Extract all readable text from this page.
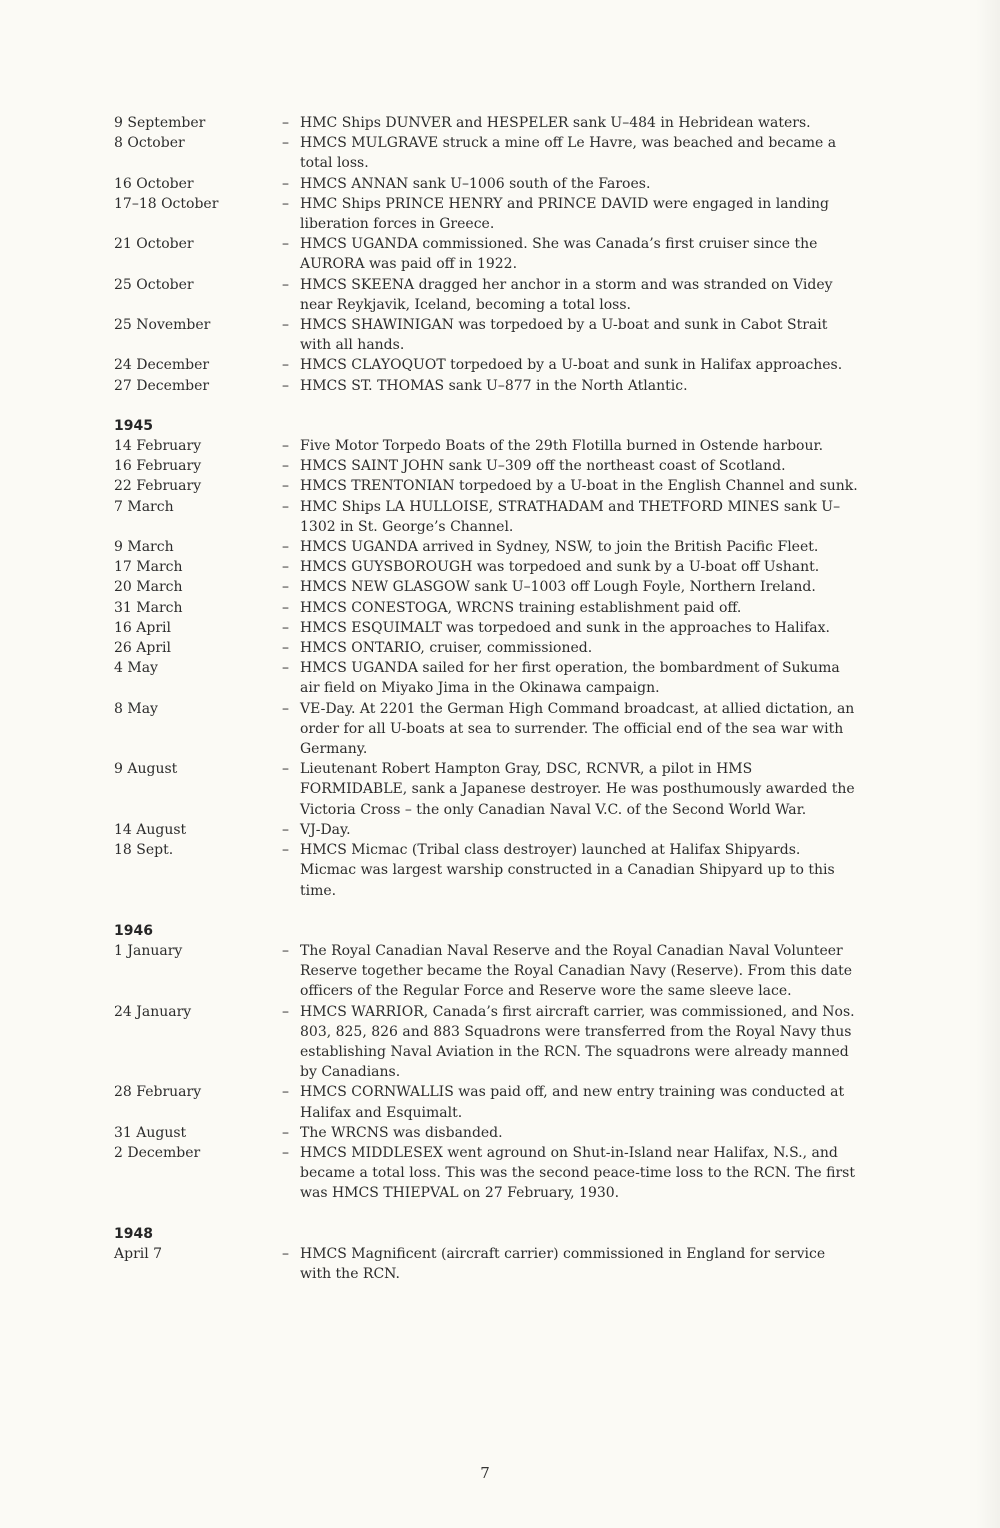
9 September	– HMC Ships DUNVER and HESPELER sank U–484 in Hebridean waters.
8 October	– HMCS MULGRAVE struck a mine off Le Havre, was beached and became a total loss.
16 October	– HMCS ANNAN sank U–1006 south of the Faroes.
17–18 October	– HMC Ships PRINCE HENRY and PRINCE DAVID were engaged in landing liberation forces in Greece.
21 October	– HMCS UGANDA commissioned. She was Canada’s first cruiser since the AURORA was paid off in 1922.
25 October	– HMCS SKEENA dragged her anchor in a storm and was stranded on Videy near Reykjavik, Iceland, becoming a total loss.
25 November	– HMCS SHAWINIGAN was torpedoed by a U-boat and sunk in Cabot Strait with all hands.
24 December	– HMCS CLAYOQUOT torpedoed by a U-boat and sunk in Halifax approaches.
27 December	– HMCS ST. THOMAS sank U–877 in the North Atlantic.
1945
14 February	– Five Motor Torpedo Boats of the 29th Flotilla burned in Ostende harbour.
16 February	– HMCS SAINT JOHN sank U–309 off the northeast coast of Scotland.
22 February	– HMCS TRENTONIAN torpedoed by a U-boat in the English Channel and sunk.
7 March	– HMC Ships LA HULLOISE, STRATHADAM and THETFORD MINES sank U–1302 in St. George’s Channel.
9 March	– HMCS UGANDA arrived in Sydney, NSW, to join the British Pacific Fleet.
17 March	– HMCS GUYSBOROUGH was torpedoed and sunk by a U-boat off Ushant.
20 March	– HMCS NEW GLASGOW sank U–1003 off Lough Foyle, Northern Ireland.
31 March	– HMCS CONESTOGA, WRCNS training establishment paid off.
16 April	– HMCS ESQUIMALT was torpedoed and sunk in the approaches to Halifax.
26 April	– HMCS ONTARIO, cruiser, commissioned.
4 May	– HMCS UGANDA sailed for her first operation, the bombardment of Sukuma air field on Miyako Jima in the Okinawa campaign.
8 May	– VE-Day. At 2201 the German High Command broadcast, at allied dictation, an order for all U-boats at sea to surrender. The official end of the sea war with Germany.
9 August	– Lieutenant Robert Hampton Gray, DSC, RCNVR, a pilot in HMS FORMIDABLE, sank a Japanese destroyer. He was posthumously awarded the Victoria Cross – the only Canadian Naval V.C. of the Second World War.
14 August	– VJ-Day.
18 Sept.	– HMCS Micmac (Tribal class destroyer) launched at Halifax Shipyards. Micmac was largest warship constructed in a Canadian Shipyard up to this time.
1946
1 January	– The Royal Canadian Naval Reserve and the Royal Canadian Naval Volunteer Reserve together became the Royal Canadian Navy (Reserve). From this date officers of the Regular Force and Reserve wore the same sleeve lace.
24 January	– HMCS WARRIOR, Canada’s first aircraft carrier, was commissioned, and Nos. 803, 825, 826 and 883 Squadrons were transferred from the Royal Navy thus establishing Naval Aviation in the RCN. The squadrons were already manned by Canadians.
28 February	– HMCS CORNWALLIS was paid off, and new entry training was conducted at Halifax and Esquimalt.
31 August	– The WRCNS was disbanded.
2 December	– HMCS MIDDLESEX went aground on Shut-in-Island near Halifax, N.S., and became a total loss. This was the second peace-time loss to the RCN. The first was HMCS THIEPVAL on 27 February, 1930.
1948
April 7	– HMCS Magnificent (aircraft carrier) commissioned in England for service with the RCN.
7
